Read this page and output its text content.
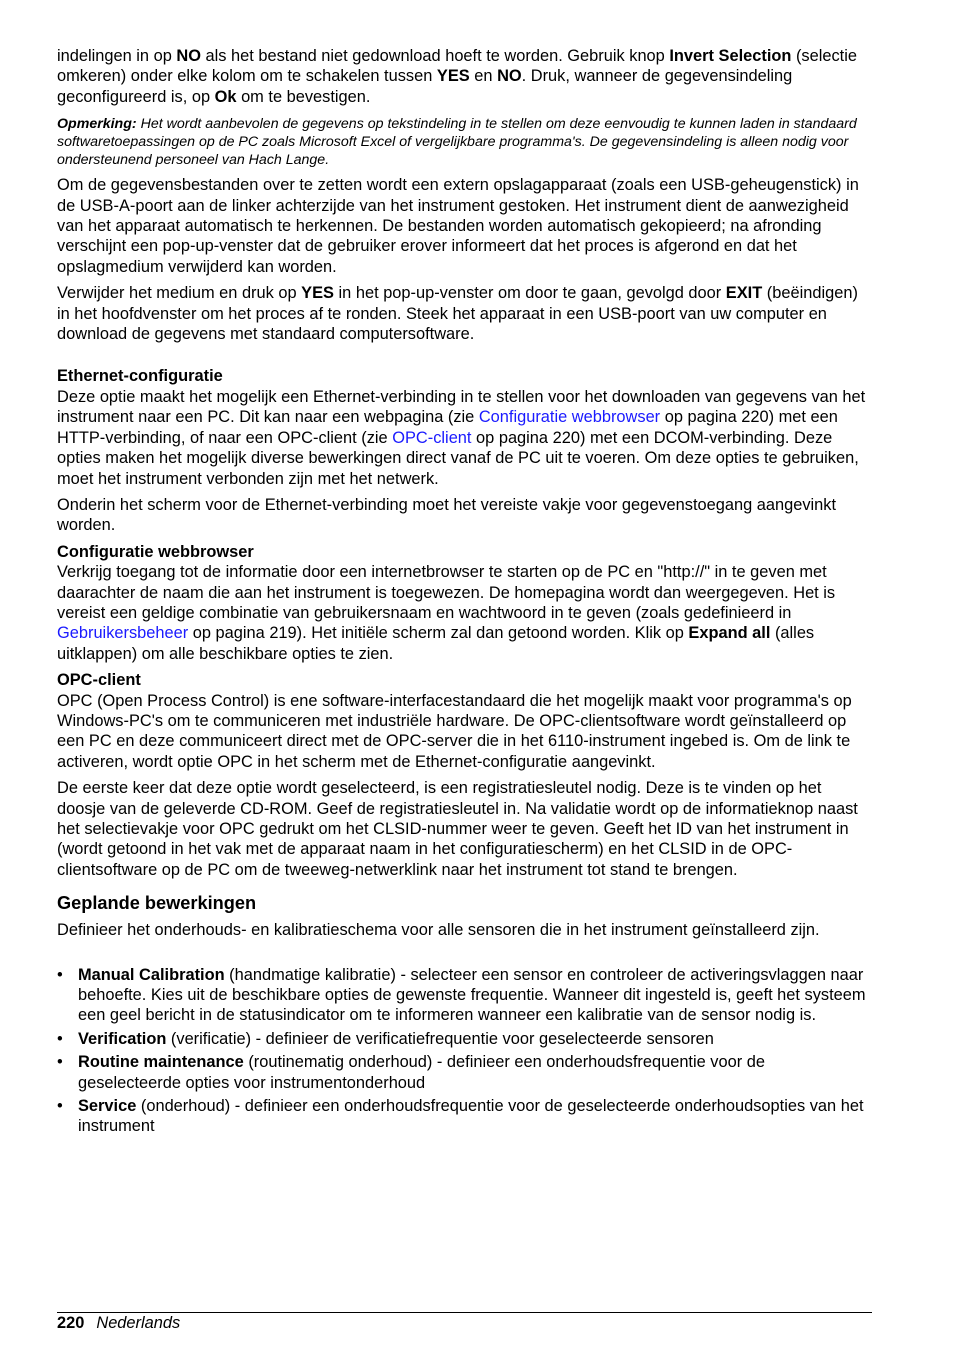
indelingen in op NO als het bestand niet gedownload hoeft te worden. Gebruik knop Invert Selection (selectie omkeren) onder elke kolom om te schakelen tussen YES en NO. Druk, wanneer de gegevensindeling geconfigureerd is, op Ok om te bevestigen.

Opmerking: Het wordt aanbevolen de gegevens op tekstindeling in te stellen om deze eenvoudig te kunnen laden in standaard softwaretoepassingen op de PC zoals Microsoft Excel of vergelijkbare programma's. De gegevensindeling is alleen nodig voor ondersteunend personeel van Hach Lange.

Om de gegevensbestanden over te zetten wordt een extern opslagapparaat (zoals een USB-geheugenstick) in de USB-A-poort aan de linker achterzijde van het instrument gestoken. Het instrument dient de aanwezigheid van het apparaat automatisch te herkennen. De bestanden worden automatisch gekopieerd; na afronding verschijnt een pop-up-venster dat de gebruiker erover informeert dat het proces is afgerond en dat het opslagmedium verwijderd kan worden.

Verwijder het medium en druk op YES in het pop-up-venster om door te gaan, gevolgd door EXIT (beëindigen) in het hoofdvenster om het proces af te ronden. Steek het apparaat in een USB-poort van uw computer en download de gegevens met standaard computersoftware.

Ethernet-configuratie

Deze optie maakt het mogelijk een Ethernet-verbinding in te stellen voor het downloaden van gegevens van het instrument naar een PC. Dit kan naar een webpagina (zie Configuratie webbrowser op pagina 220) met een HTTP-verbinding, of naar een OPC-client (zie OPC-client op pagina 220) met een DCOM-verbinding. Deze opties maken het mogelijk diverse bewerkingen direct vanaf de PC uit te voeren. Om deze opties te gebruiken, moet het instrument verbonden zijn met het netwerk.

Onderin het scherm voor de Ethernet-verbinding moet het vereiste vakje voor gegevenstoegang aangevinkt worden.

Configuratie webbrowser

Verkrijg toegang tot de informatie door een internetbrowser te starten op de PC en "http://" in te geven met daarachter de naam die aan het instrument is toegewezen. De homepagina wordt dan weergegeven. Het is vereist een geldige combinatie van gebruikersnaam en wachtwoord in te geven (zoals gedefinieerd in Gebruikersbeheer op pagina 219). Het initiële scherm zal dan getoond worden. Klik op Expand all (alles uitklappen) om alle beschikbare opties te zien.

OPC-client

OPC (Open Process Control) is ene software-interfacestandaard die het mogelijk maakt voor programma's op Windows-PC's om te communiceren met industriële hardware. De OPC-clientsoftware wordt geïnstalleerd op een PC en deze communiceert direct met de OPC-server die in het 6110-instrument ingebed is. Om de link te activeren, wordt optie OPC in het scherm met de Ethernet-configuratie aangevinkt.

De eerste keer dat deze optie wordt geselecteerd, is een registratiesleutel nodig. Deze is te vinden op het doosje van de geleverde CD-ROM. Geef de registratiesleutel in. Na validatie wordt op de informatieknop naast het selectievakje voor OPC gedrukt om het CLSID-nummer weer te geven. Geeft het ID van het instrument in (wordt getoond in het vak met de apparaat naam in het configuratiescherm) en het CLSID in de OPC-clientsoftware op de PC om de tweeweg-netwerklink naar het instrument tot stand te brengen.

Geplande bewerkingen

Definieer het onderhouds- en kalibratieschema voor alle sensoren die in het instrument geïnstalleerd zijn.

• Manual Calibration (handmatige kalibratie) - selecteer een sensor en controleer de activeringsvlaggen naar behoefte. Kies uit de beschikbare opties de gewenste frequentie. Wanneer dit ingesteld is, geeft het systeem een geel bericht in de statusindicator om te informeren wanneer een kalibratie van de sensor nodig is.
• Verification (verificatie) - definieer de verificatiefrequentie voor geselecteerde sensoren
• Routine maintenance (routinematig onderhoud) - definieer een onderhoudsfrequentie voor de geselecteerde opties voor instrumentonderhoud
• Service (onderhoud) - definieer een onderhoudsfrequentie voor de geselecteerde onderhoudsopties van het instrument
220 Nederlands
